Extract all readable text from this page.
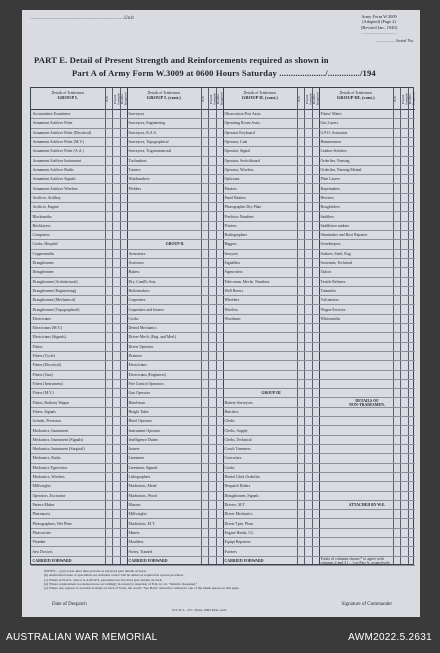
.................................................................Unit	Army Form W.3009
(Adapted) (Page 2)
(Revised Jan., 1940)
................................
...................Serial No.
PART E. Detail of Present Strength and Reinforcements required as shown in
Part A of Army Form W.3009 at 0600 Hours Saturday ..................../............../194
Details of Tradesmen
GROUP I.	W.E. Posted Strength Reinfts. Required
Accumulator Examiners
Armament Artificer Fitter
Armament Artificer Fitter (Electrical)
Armament Artificer Fitter (M.V.)
Armament Artificer Fitter (A.A.)
Armament Artificer Instrument
Armament Artificer Radio
Armament Artificer Signals
Armament Artificer Wireless
Artificer, Artillery
Artificer, Engine
Blacksmiths
Bricklayers
Computers
Cooks, Hospital
Coppersmiths
Draughtsmen
Draughtsmen
Draughtsmen (Architectural)
Draughtsmen (Engineering)
Draughtsmen (Mechanical)
Draughtsmen (Topographical)
Electricians
Electricians (M.V.)
Electricians (Signals)
Fitters
Fitters (Cycle)
Fitters (Electrical)
Fitters (Gun)
Fitters (Instrument)
Fitters (M.V.)
Fitters, Railway Wagon
Fitters, Signals
Grinder, Precision
Mechanics, Instrument
Mechanics, Instrument (Signals)
Mechanics, Instrument (Surgical)
Mechanics, Radio
Mechanics Typewriter
Mechanics, Wireless
Millwrights
Operators, Excavator
Pattern Maker
Pharmacist
Photographers, Wet Plate
Photowriter
Plumber
Saw Doctors
CARRIED FORWARD
Details of Tradesmen
GROUP I. (cont.)	W.E. Posted Strength Reinfts. Required
Surveyors
Surveyors, Engineering
Surveyors, R.A.S.
Surveyors, Topographical
Surveyors, Trigonometrical
Toolmakers
Turners
Watchmakers
Welders
GROUP II.
Armourers
Assessors
Bakers
Dry. Candl's Asst.
Boilermakers
Carpenters
Carpenters and Joiners
Cooks
Dental Mechanics
Driver-Mech. (Eng. and Med.)
Driver Operator
Drainers
Electricians
Electricians (Engineers)
Fire Control Operators
Gun Operator
Hand-man
Height Taker
Hotel Operator
Instrument Operator
Intelligence Duties
Joiners
Linesmen
Linesmen, Signals
Lithographers
Machinists, Metal
Machinists, Wood
Masons
Millwrights
Machinists, M.T.
Miners
Moulders
Stores, Trained
CARRIED FORWARD
Details of Tradesmen
GROUP II. (cont.)	W.E. Posted Strength Reinfts. Required
Observation Post Assts.
Operating Room Assts.
Operator Keyboard
Operator, Line
Operator, Signal
Operator, Switchboard
Operator, Wireless
Opticians
Painters
Panel Beaters
Photographer Dry Plate
Predictor Numbers
Printers
Radiographers
Riggers
Sawyers
Signallers
Signwriters
Telecomm. Mechs. Numbers
Well Borers
Wheelers
Wireless
Woodmen
GROUP III
Battery Surveyors
Butchers
Clerks
Clerks, Supply
Clerks, Technical
Coach Trimmers
Concreters
Cooks
Dental Clerk Orderlies
Despatch Riders
Draughtsmen, Signals
Drivers, M.T.
Driver Mechanics
Driver Tptn. Plant
Engine Hands, I.C.
Equipt Repairers
Furriers
CARRIED FORWARD
Details of Tradesmen
GROUP III. (cont.)	W.E. Posted Strength Reinfts. Required
Fitters' Mates
Gas Layers
G.P.O. Assistants
Hammermen
Leather Stitchers
Orderlies, Nursing
Orderlies, Nursing Mental
Plate Layers
Ropemakers
Riveters
Roughriders
Saddlers
Saddletree makers
Shoemaker and Boot Repairer
Storekeepers
Strikers, Steel, Eng.
Storemen, Technical
Tailors
Textile Refiners
Tinsmiths
Vulcanisers
Wagon Erectors
Whitesmiths
DETAILS OF
NON-TRADESMEN.
ATTACHED BY W.E.
Totals of columns shown * to agree with columns 2 and 3 (…) on Part A, respectively.
NOTES.—(a) It each other than privates is involved give details on back.
(b) Authorized ranks or specialists are included on list will be added as required in spaces provided.
(c) Where A.W.A.S. and/or A.A.M.W.S. personnel are involved give details on back.
(d) Where replacement not desired note accordingly in return by insertion of N.R. in col. "Reinfts. Required."
(e) Where any request or notation is made on back of form, the words "See Back" should be written in one of the blank spaces on this page.
Date of Despatch	Signature of Commander
N.S.W. L. of C. Press–5000 Pads–4/41.
AUSTRALIAN WAR MEMORIAL	AWM2022.5.2631
